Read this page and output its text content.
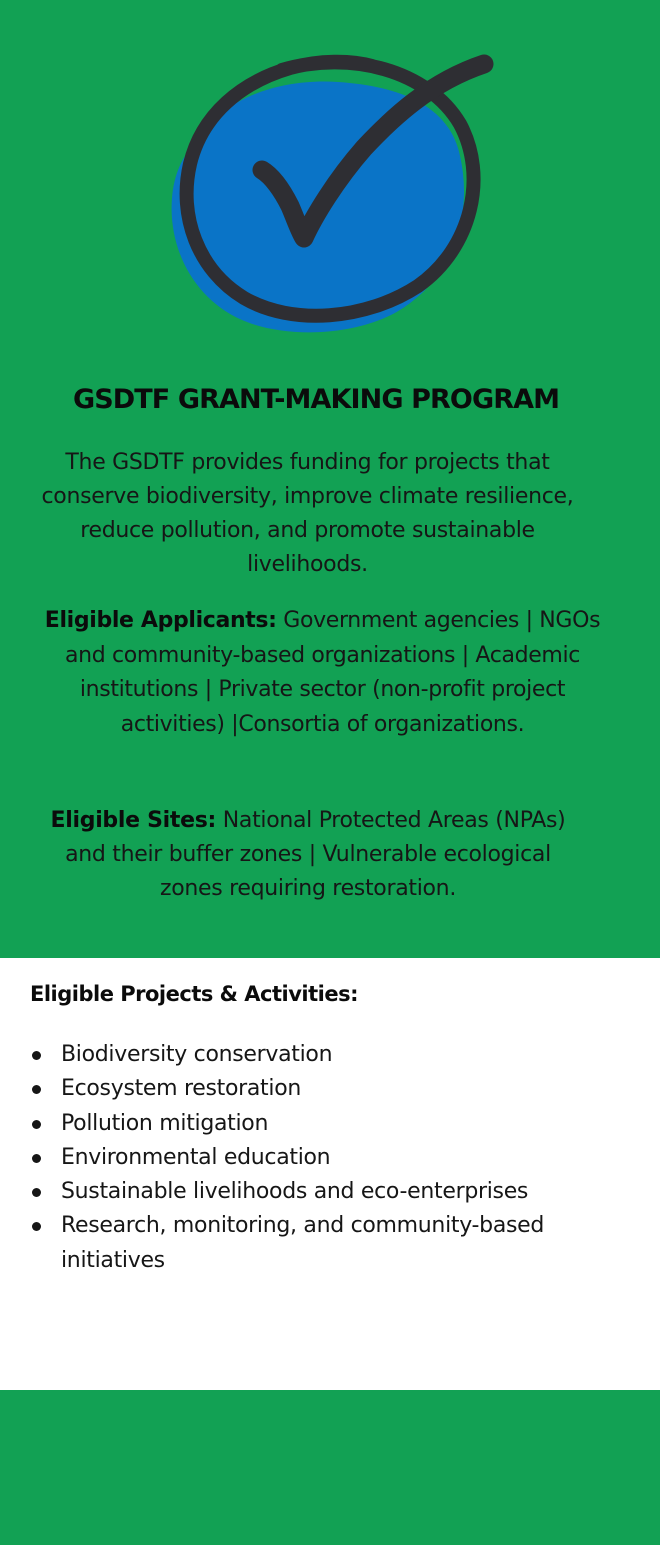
GSDTF GRANT-MAKING PROGRAM

The GSDTF provides funding for projects that conserve biodiversity, improve climate resilience, reduce pollution, and promote sustainable livelihoods.

Eligible Applicants: Government agencies | NGOs and community-based organizations | Academic institutions | Private sector (non-profit project activities) |Consortia of organizations.

Eligible Sites: National Protected Areas (NPAs) and their buffer zones | Vulnerable ecological zones requiring restoration.

Eligible Projects & Activities:
Biodiversity conservation
Ecosystem restoration
Pollution mitigation
Environmental education
Sustainable livelihoods and eco-enterprises
Research, monitoring, and community-based initiatives
